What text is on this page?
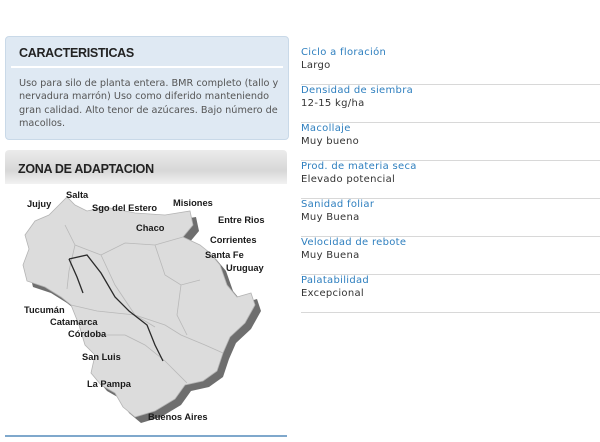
CARACTERISTICAS
Uso para silo de planta entera. BMR completo (tallo y nervadura marrón) Uso como diferido manteniendo gran calidad. Alto tenor de azúcares. Bajo número de macollos.
ZONA DE ADAPTACION
Jujuy
Salta
Sgo del Estero Misiones
Chaco
Entre Rios
Corrientes
Santa Fe
Uruguay
Tucumán
Catamarca
Córdoba
San Luis
La Pampa
Buenos Aires
Ciclo a floración
Largo
Densidad de siembra
12-15 kg/ha
Macollaje
Muy bueno
Prod. de materia seca
Elevado potencial
Sanidad foliar
Muy Buena
Velocidad de rebote
Muy Buena
Palatabilidad
Excepcional
